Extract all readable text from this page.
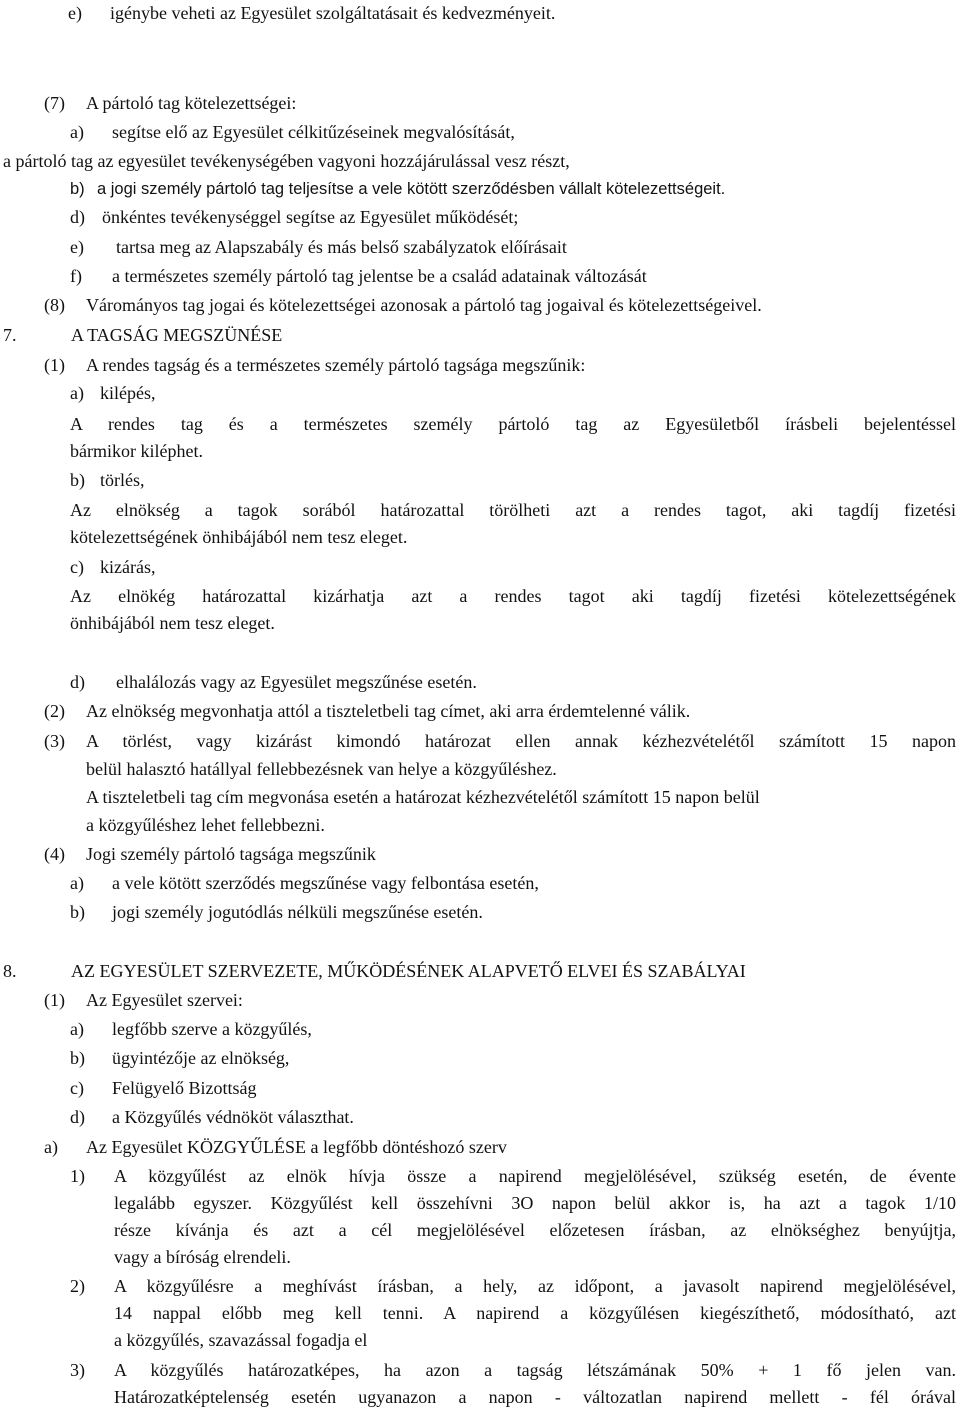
e) igénybe veheti az Egyesület szolgáltatásait és kedvezményeit.
(7) A pártoló tag kötelezettségei:
a) segítse elő az Egyesület célkitűzéseinek megvalósítását,
a pártoló tag az egyesület tevékenységében vagyoni hozzájárulással vesz részt,
b) a jogi személy pártoló tag teljesítse a vele kötött szerződésben vállalt kötelezettségeit.
d) önkéntes tevékenységgel segítse az Egyesület működését;
e) tartsa meg az Alapszabály és más belső szabályzatok előírásait
f) a természetes személy pártoló tag jelentse be a család adatainak változását
(8) Várományos tag jogai és kötelezettségei azonosak a pártoló tag jogaival és kötelezettségeivel.
7.	A TAGSÁG MEGSZÜNÉSE
(1) A rendes tagság és a természetes személy pártoló tagsága megszűnik:
a) kilépés,
A rendes tag és a természetes személy pártoló tag az Egyesületből írásbeli bejelentéssel
bármikor kiléphet.
b) törlés,
Az elnökség a tagok sorából határozattal törölheti azt a rendes tagot, aki tagdíj fizetési
kötelezettségének önhibájából nem tesz eleget.
c) kizárás,
Az elnökég határozattal kizárhatja azt a rendes tagot aki tagdíj fizetési kötelezettségének
önhibájából nem tesz eleget.
d) elhalálozás vagy az Egyesület megszűnése esetén.
(2) Az elnökség megvonhatja attól a tiszteletbeli tag címet, aki arra érdemtelenné válik.
(3) A törlést, vagy kizárást kimondó határozat ellen annak kézhezvételétől számított 15 napon
belül halasztó hatállyal fellebbezésnek van helye a közgyűléshez.
A tiszteletbeli tag cím megvonása esetén a határozat kézhezvételétől számított 15 napon belül
a közgyűléshez lehet fellebbezni.
(4) Jogi személy pártoló tagsága megszűnik
a) a vele kötött szerződés megszűnése vagy felbontása esetén,
b) jogi személy jogutódlás nélküli megszűnése esetén.
8.	AZ EGYESÜLET SZERVEZETE, MŰKÖDÉSÉNEK ALAPVETŐ ELVEI ÉS SZABÁLYAI
(1) Az Egyesület szervei:
a) legfőbb szerve a közgyűlés,
b) ügyintézője az elnökség,
c) Felügyelő Bizottság
d) a Közgyűlés védnököt választhat.
a) Az Egyesület KÖZGYŰLÉSE a legfőbb döntéshozó szerv
1) A közgyűlést az elnök hívja össze a napirend megjelölésével, szükség esetén, de évente
legalább egyszer. Közgyűlést kell összehívni 3O napon belül akkor is, ha azt a tagok 1/10
része kívánja és azt a cél megjelölésével előzetesen írásban, az elnökséghez benyújtja,
vagy a bíróság elrendeli.
2) A közgyűlésre a meghívást írásban, a hely, az időpont, a javasolt napirend megjelölésével,
14 nappal előbb meg kell tenni. A napirend a közgyűlésen kiegészíthető, módosítható, azt
a közgyűlés, szavazással fogadja el
3) A közgyűlés határozatképes, ha azon a tagság létszámának 50% + 1 fő jelen van.
Határozatképtelenség esetén ugyanazon a napon - változatlan napirend mellett - fél órával
